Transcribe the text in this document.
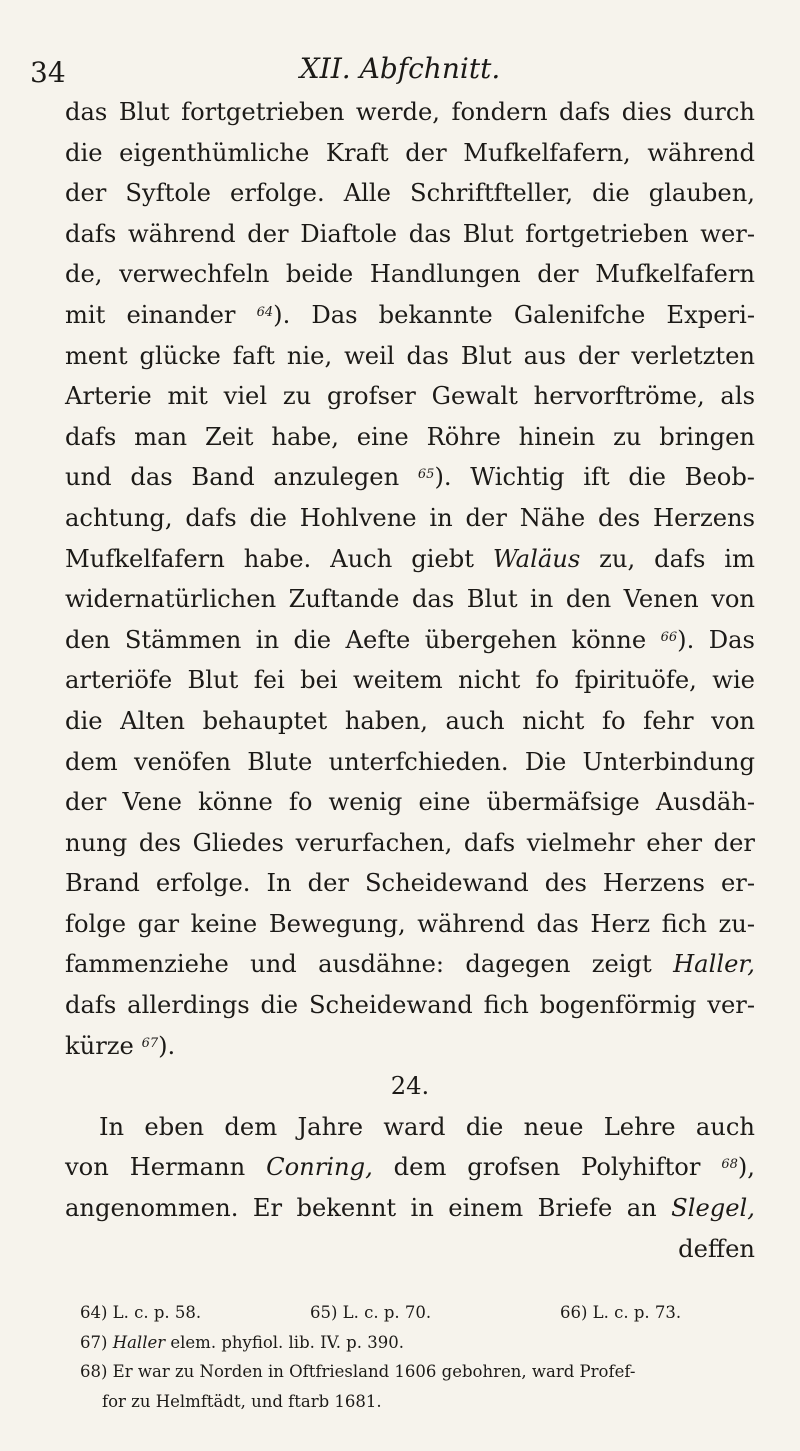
34	XII. Abfchnitt.
das Blut fortgetrieben werde, fondern dafs dies durch
die eigenthümliche Kraft der Mufkelfafern, während
der Syftole erfolge. Alle Schriftfteller, die glauben,
dafs während der Diaftole das Blut fortgetrieben wer-
de, verwechfeln beide Handlungen der Mufkelfafern
mit einander $^{64}$). Das bekannte Galenifche Experi-
ment glücke faft nie, weil das Blut aus der verletzten
Arterie mit viel zu grofser Gewalt hervorftröme, als
dafs man Zeit habe, eine Röhre hinein zu bringen
und das Band anzulegen $^{65}$). Wichtig ift die Beob-
achtung, dafs die Hohlvene in der Nähe des Herzens
Mufkelfafern habe. Auch giebt Waläus zu, dafs im
widernatürlichen Zuftande das Blut in den Venen von
den Stämmen in die Aefte übergehen könne $^{66}$). Das
arteriöfe Blut fei bei weitem nicht fo fpirituöfe, wie
die Alten behauptet haben, auch nicht fo fehr von
dem venöfen Blute unterfchieden. Die Unterbindung
der Vene könne fo wenig eine übermäfsige Ausdäh-
nung des Gliedes verurfachen, dafs vielmehr eher der
Brand erfolge. In der Scheidewand des Herzens er-
folge gar keine Bewegung, während das Herz fich zu-
fammenziehe und ausdähne: dagegen zeigt Haller,
dafs allerdings die Scheidewand fich bogenförmig ver-
kürze $^{67}$).
24.
In eben dem Jahre ward die neue Lehre auch
von Hermann Conring, dem grofsen Polyhiftor $^{68}$),
angenommen. Er bekennt in einem Briefe an Slegel,
deffen
64) L. c. p. 58.	65) L. c. p. 70.	66) L. c. p. 73.
67) Haller elem. phyfiol. lib. IV. p. 390.
68) Er war zu Norden in Oftfriesland 1606 gebohren, ward Profef-
for zu Helmftädt, und ftarb 1681.
